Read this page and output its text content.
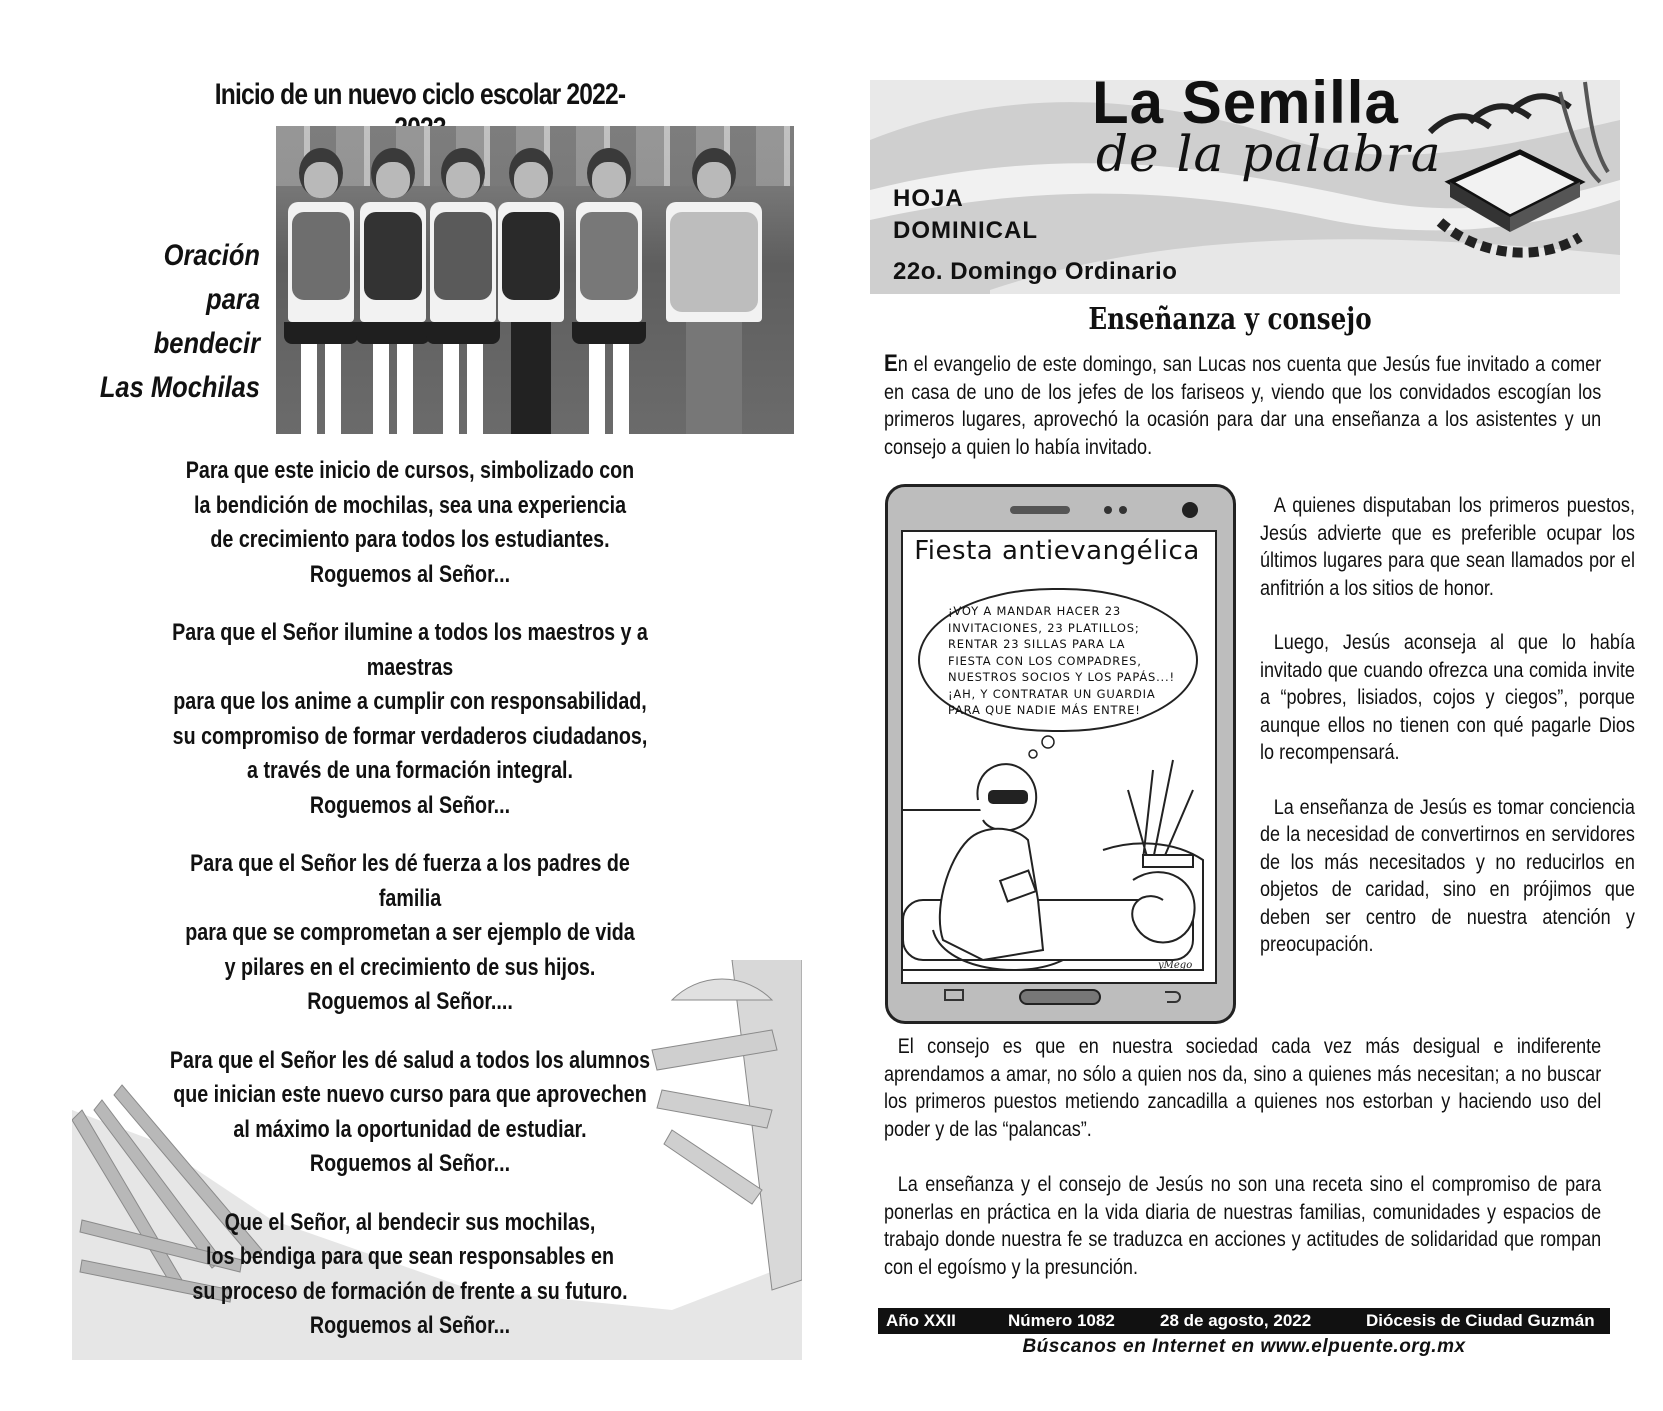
Inicio de un nuevo ciclo escolar 2022-
Oración
para
bendecir
Las Mochilas

Para que este inicio de cursos, simbolizado con
la bendición de mochilas, sea una experiencia
de crecimiento para todos los estudiantes.
Roguemos al Señor...

Para que el Señor ilumine a todos los maestros y a maestras
para que los anime a cumplir con responsabilidad,
su compromiso de formar verdaderos ciudadanos,
a través de una formación integral.
Roguemos al Señor...

Para que el Señor les dé fuerza a los padres de familia
para que se comprometan a ser ejemplo de vida
y pilares en el crecimiento de sus hijos.
Roguemos al Señor....

Para que el Señor les dé salud a todos los alumnos
que inician este nuevo curso para que aprovechen
al máximo la oportunidad de estudiar.
Roguemos al Señor...

Que el Señor, al bendecir sus mochilas,
los bendiga para que sean responsables en
su proceso de formación de frente a su futuro.
Roguemos al Señor...

La Semilla
de la palabra
HOJA
DOMINICAL
22o. Domingo Ordinario
Enseñanza y consejo
En el evangelio de este domingo, san Lucas nos cuenta que Jesús fue invitado a comer en casa de uno de los jefes de los fariseos y, viendo que los convidados escogían los primeros lugares, aprovechó la ocasión para dar una enseñanza a los asistentes y un consejo a quien lo había invitado.
Fiesta antievangélica
¡VOY A MANDAR HACER 23
INVITACIONES, 23 PLATILLOS;
RENTAR 23 SILLAS PARA LA
FIESTA CON LOS COMPADRES,
NUESTROS SOCIOS Y LOS PAPÁS...!
¡AH, Y CONTRATAR UN GUARDIA
PARA QUE NADIE MÁS ENTRE!
yMego

A quienes disputaban los primeros puestos, Jesús advierte que es preferible ocupar los últimos lugares para que sean llamados por el anfitrión a los sitios de honor.

Luego, Jesús aconseja al que lo había invitado que cuando ofrezca una comida invite a “pobres, lisiados, cojos y ciegos”, porque aunque ellos no tienen con qué pagarle Dios lo recompensará.

La enseñanza de Jesús es tomar conciencia de la necesidad de convertirnos en servidores de los más necesitados y no reducirlos en objetos de caridad, sino en prójimos que deben ser centro de nuestra atención y preocupación.

El consejo es que en nuestra sociedad cada vez más desigual e indiferente aprendamos a amar, no sólo a quien nos da, sino a quienes más necesitan; a no buscar los primeros puestos metiendo zancadilla a quienes nos estorban y haciendo uso del poder y de las “palancas”.

La enseñanza y el consejo de Jesús no son una receta sino el compromiso de para ponerlas en práctica en la vida diaria de nuestras familias, comunidades y espacios de trabajo donde nuestra fe se traduzca en acciones y actitudes de solidaridad que rompan con el egoísmo y la presunción.

Año XXII	Número 1082	28 de agosto, 2022	Diócesis de Ciudad Guzmán
Búscanos en Internet en www.elpuente.org.mx
